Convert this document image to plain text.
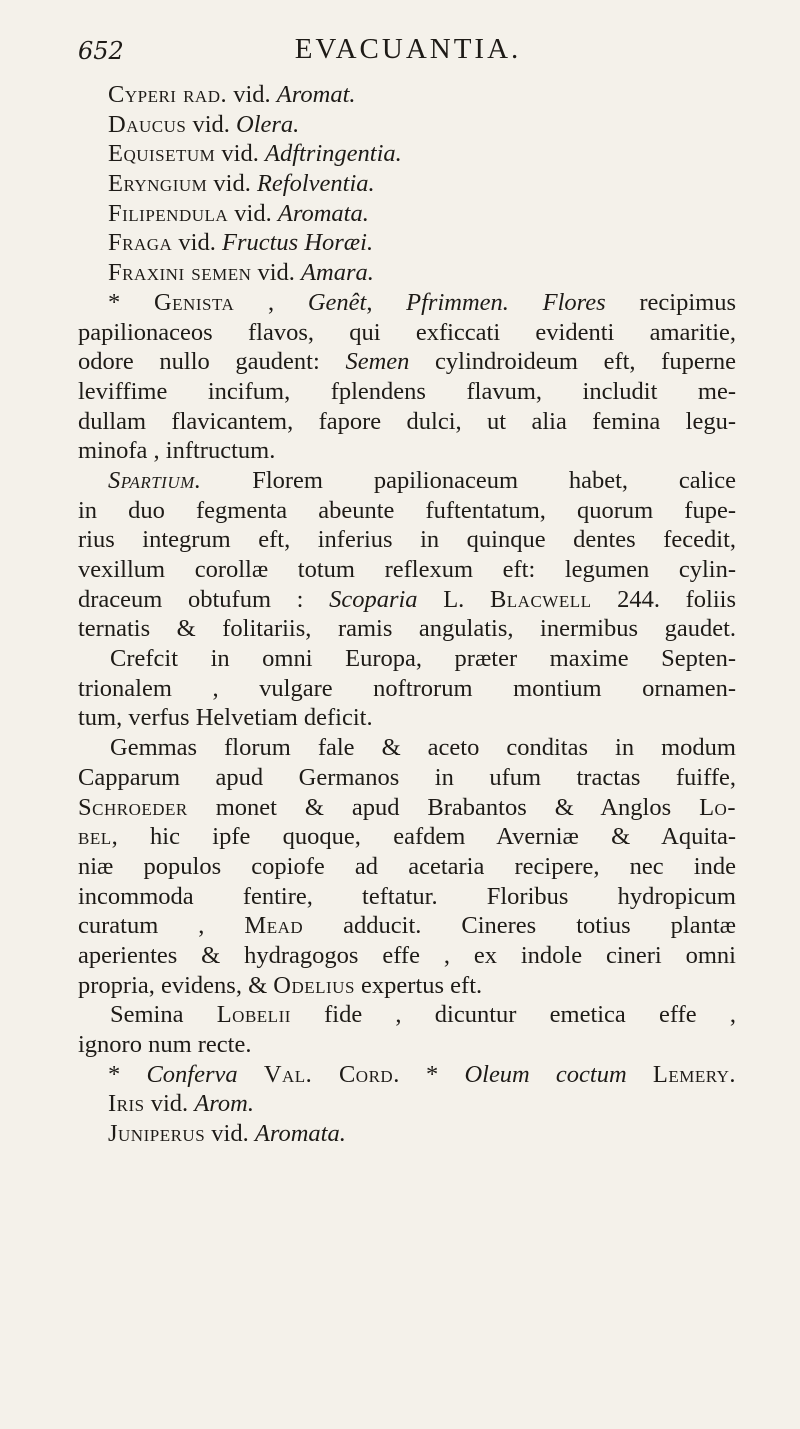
652	EVACUANTIA.
Cyperi rad. vid. Aromat.
Daucus vid. Olera.
Equisetum vid. Adftringentia.
Eryngium vid. Refolventia.
Filipendula vid. Aromata.
Fraga vid. Fructus Horæi.
Fraxini semen vid. Amara.
* Genista , Genêt, Pfrimmen. Flores recipimus
papilionaceos flavos, qui exficcati evidenti amaritie,
odore nullo gaudent: Semen cylindroideum eft, fuperne
leviffime incifum, fplendens flavum, includit me-
dullam flavicantem, fapore dulci, ut alia femina legu-
minofa , inftructum.
Spartium. Florem papilionaceum habet, calice
in duo fegmenta abeunte fuftentatum, quorum fupe-
rius integrum eft, inferius in quinque dentes fecedit,
vexillum corollæ totum reflexum eft: legumen cylin-
draceum obtufum : Scoparia L. Blacwell 244. foliis
ternatis & folitariis, ramis angulatis, inermibus gaudet.
Crefcit in omni Europa, præter maxime Septen-
trionalem , vulgare noftrorum montium ornamen-
tum, verfus Helvetiam deficit.
Gemmas florum fale & aceto conditas in modum
Capparum apud Germanos in ufum tractas fuiffe,
Schroeder monet & apud Brabantos & Anglos Lo-
bel, hic ipfe quoque, eafdem Averniæ & Aquita-
niæ populos copiofe ad acetaria recipere, nec inde
incommoda fentire, teftatur. Floribus hydropicum
curatum , Mead adducit. Cineres totius plantæ
aperientes & hydragogos effe , ex indole cineri omni
propria, evidens, & Odelius expertus eft.
Semina Lobelii fide , dicuntur emetica effe ,
ignoro num recte.
* Conferva Val. Cord. * Oleum coctum Lemery.
Iris vid. Arom.
Juniperus vid. Aromata.
